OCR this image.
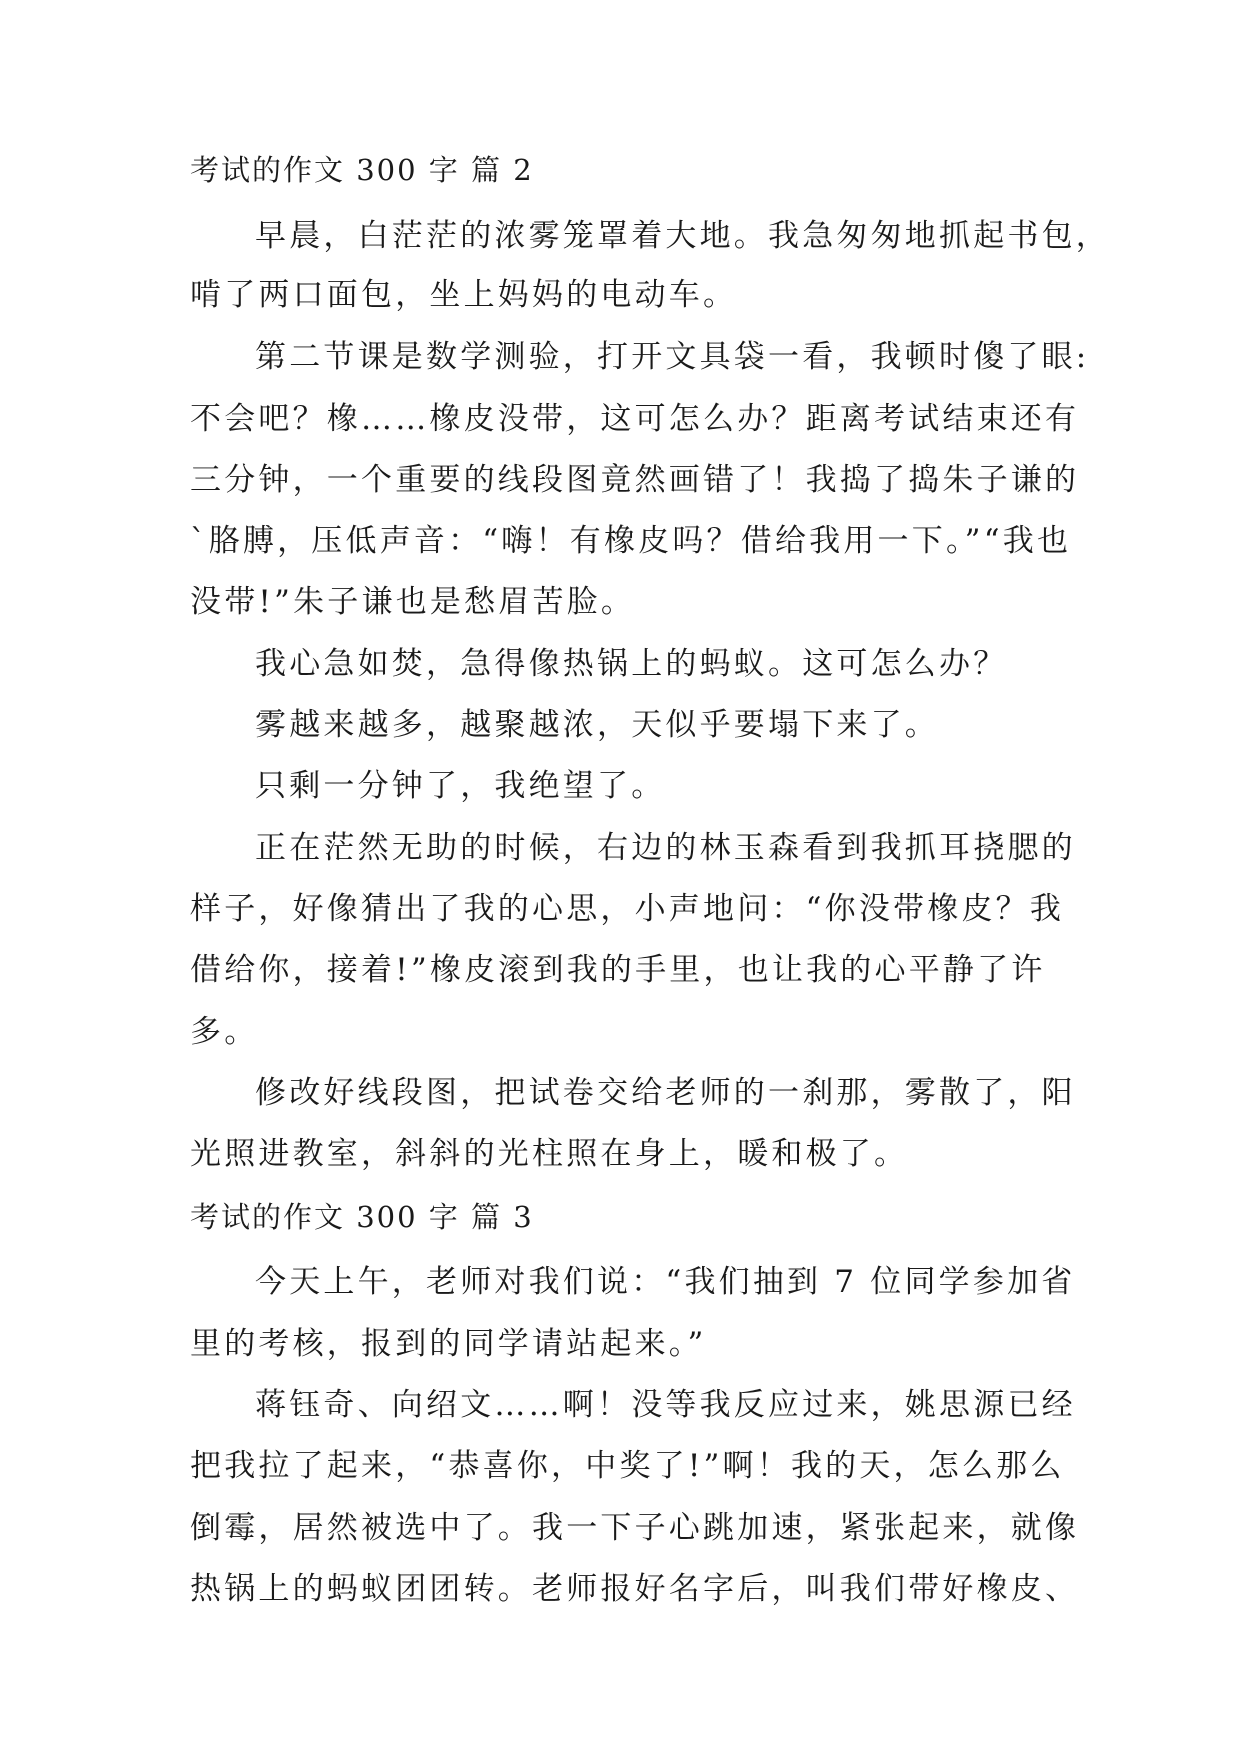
考试的作文 300 字 篇 2
早晨，白茫茫的浓雾笼罩着大地。我急匆匆地抓起书包，
啃了两口面包，坐上妈妈的电动车。
第二节课是数学测验，打开文具袋一看，我顿时傻了眼:
不会吧？橡……橡皮没带，这可怎么办？距离考试结束还有
三分钟，一个重要的线段图竟然画错了！我捣了捣朱子谦的
`胳膊，压低声音：“嗨！有橡皮吗？借给我用一下。”“我也
没带!”朱子谦也是愁眉苦脸。
我心急如焚，急得像热锅上的蚂蚁。这可怎么办？
雾越来越多，越聚越浓，天似乎要塌下来了。
只剩一分钟了，我绝望了。
正在茫然无助的时候，右边的林玉森看到我抓耳挠腮的
样子，好像猜出了我的心思，小声地问：“你没带橡皮？我
借给你，接着!”橡皮滚到我的手里，也让我的心平静了许
多。
修改好线段图，把试卷交给老师的一刹那，雾散了，阳
光照进教室，斜斜的光柱照在身上，暖和极了。
考试的作文 300 字 篇 3
今天上午，老师对我们说：“我们抽到 7 位同学参加省
里的考核，报到的同学请站起来。”
蒋钰奇、向绍文……啊！没等我反应过来，姚思源已经
把我拉了起来，“恭喜你，中奖了!”啊！我的天，怎么那么
倒霉，居然被选中了。我一下子心跳加速，紧张起来，就像
热锅上的蚂蚁团团转。老师报好名字后，叫我们带好橡皮、
